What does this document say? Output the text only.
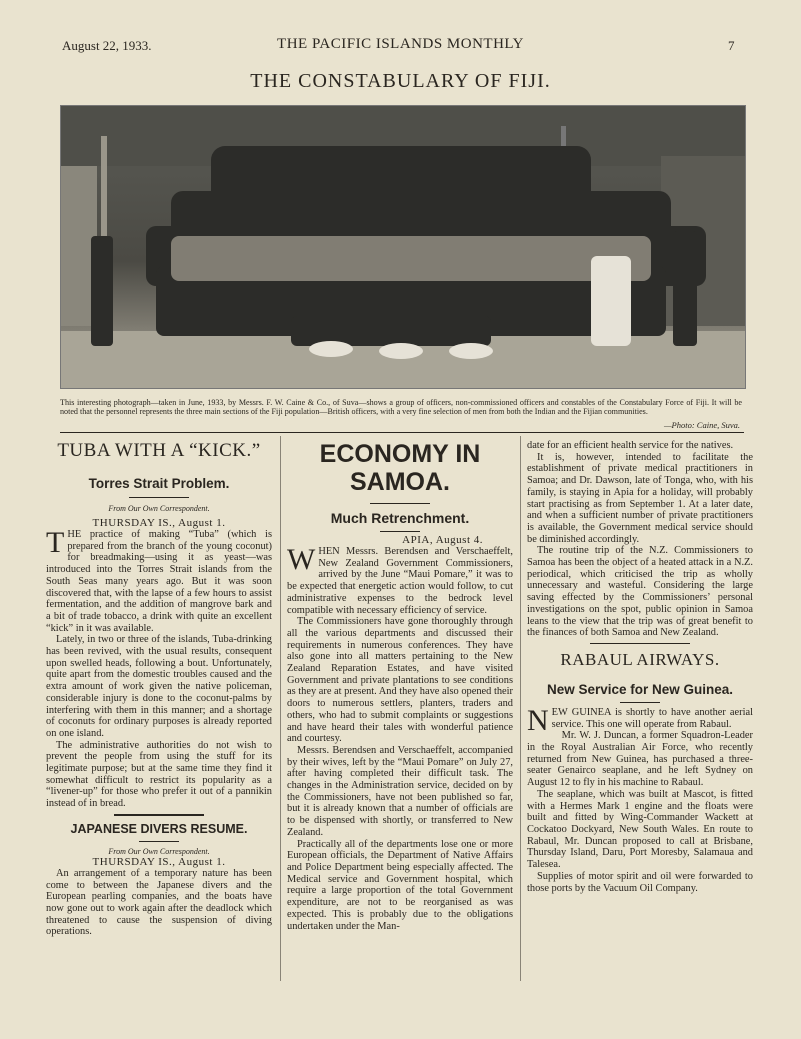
August 22, 1933.	THE PACIFIC ISLANDS MONTHLY	7
THE CONSTABULARY OF FIJI.
This interesting photograph—taken in June, 1933, by Messrs. F. W. Caine & Co., of Suva—shows a group of officers, non-commissioned officers and constables of the Constabulary Force of Fiji. It will be noted that the personnel represents the three main sections of the Fiji population—British officers, with a very fine selection of men from both the Indian and the Fijian communities.
—Photo: Caine, Suva.
TUBA WITH A “KICK.”
Torres Strait Problem.
From Our Own Correspondent.
THURSDAY IS., August 1.

THE practice of making “Tuba” (which is prepared from the branch of the young coconut) for breadmaking—using it as yeast—was introduced into the Torres Strait islands from the South Seas many years ago. But it was soon discovered that, with the lapse of a few hours to assist fermentation, and the addition of mangrove bark and a bit of trade tobacco, a drink with quite an excellent “kick” in it was available.

Lately, in two or three of the islands, Tuba-drinking has been revived, with the usual results, consequent upon swelled heads, following a bout. Unfortunately, quite apart from the domestic troubles caused and the extra amount of work given the native policeman, considerable injury is done to the coconut-palms by interfering with them in this manner; and a shortage of coconuts for ordinary purposes is already reported on one island.

The administrative authorities do not wish to prevent the people from using the stuff for its legitimate purpose; but at the same time they find it somewhat difficult to restrict its popularity as a “livener-up” for those who prefer it out of a pannikin instead of in bread.

JAPANESE DIVERS RESUME.
From Our Own Correspondent.
THURSDAY IS., August 1.

An arrangement of a temporary nature has been come to between the Japanese divers and the European pearling companies, and the boats have now gone out to work again after the deadlock which threatened to cause the suspension of diving operations.

ECONOMY IN
SAMOA.
Much Retrenchment.
APIA, August 4.

WHEN Messrs. Berendsen and Verschaeffelt, New Zealand Government Commissioners, arrived by the June “Maui Pomare,” it was to be expected that energetic action would follow, to cut administrative expenses to the bedrock level compatible with necessary efficiency of service.

The Commissioners have gone thoroughly through all the various departments and discussed their requirements in numerous conferences. They have also gone into all matters pertaining to the New Zealand Reparation Estates, and have visited Government and private plantations to see conditions as they are at present. And they have also opened their doors to numerous settlers, planters, traders and others, who had to submit complaints or suggestions and have heard their tales with wonderful patience and courtesy.

Messrs. Berendsen and Verschaeffelt, accompanied by their wives, left by the “Maui Pomare” on July 27, after having completed their difficult task. The changes in the Administration service, decided on by the Commissioners, have not been published so far, but it is already known that a number of officials are to be dispensed with shortly, or transferred to New Zealand.

Practically all of the departments lose one or more European officials, the Department of Native Affairs and Police Department being especially affected. The Medical service and Government hospital, which require a large proportion of the total Government expenditure, are not to be reorganised as was expected. This is probably due to the obligations undertaken under the Man-

date for an efficient health service for the natives.

It is, however, intended to facilitate the establishment of private medical practitioners in Samoa; and Dr. Dawson, late of Tonga, who, with his family, is staying in Apia for a holiday, will probably start practising as from September 1. At a later date, and when a sufficient number of private practitioners is available, the Government medical service should be diminished accordingly.

The routine trip of the N.Z. Commissioners to Samoa has been the object of a heated attack in a N.Z. periodical, which criticised the trip as wholly unnecessary and wasteful. Considering the large saving effected by the Commissioners’ personal investigations on the spot, public opinion in Samoa leans to the view that the trip was of great benefit to the finances of both Samoa and New Zealand.

RABAUL AIRWAYS.
New Service for New Guinea.

NEW GUINEA is shortly to have another aerial service. This one will operate from Rabaul.

Mr. W. J. Duncan, a former Squadron-Leader in the Royal Australian Air Force, who recently returned from New Guinea, has purchased a three-seater Genairco seaplane, and he left Sydney on August 12 to fly in his machine to Rabaul.

The seaplane, which was built at Mascot, is fitted with a Hermes Mark 1 engine and the floats were built and fitted by Wing-Commander Wackett at Cockatoo Dockyard, New South Wales. En route to Rabaul, Mr. Duncan proposed to call at Brisbane, Thursday Island, Daru, Port Moresby, Salamaua and Talesea.

Supplies of motor spirit and oil were forwarded to those ports by the Vacuum Oil Company.
